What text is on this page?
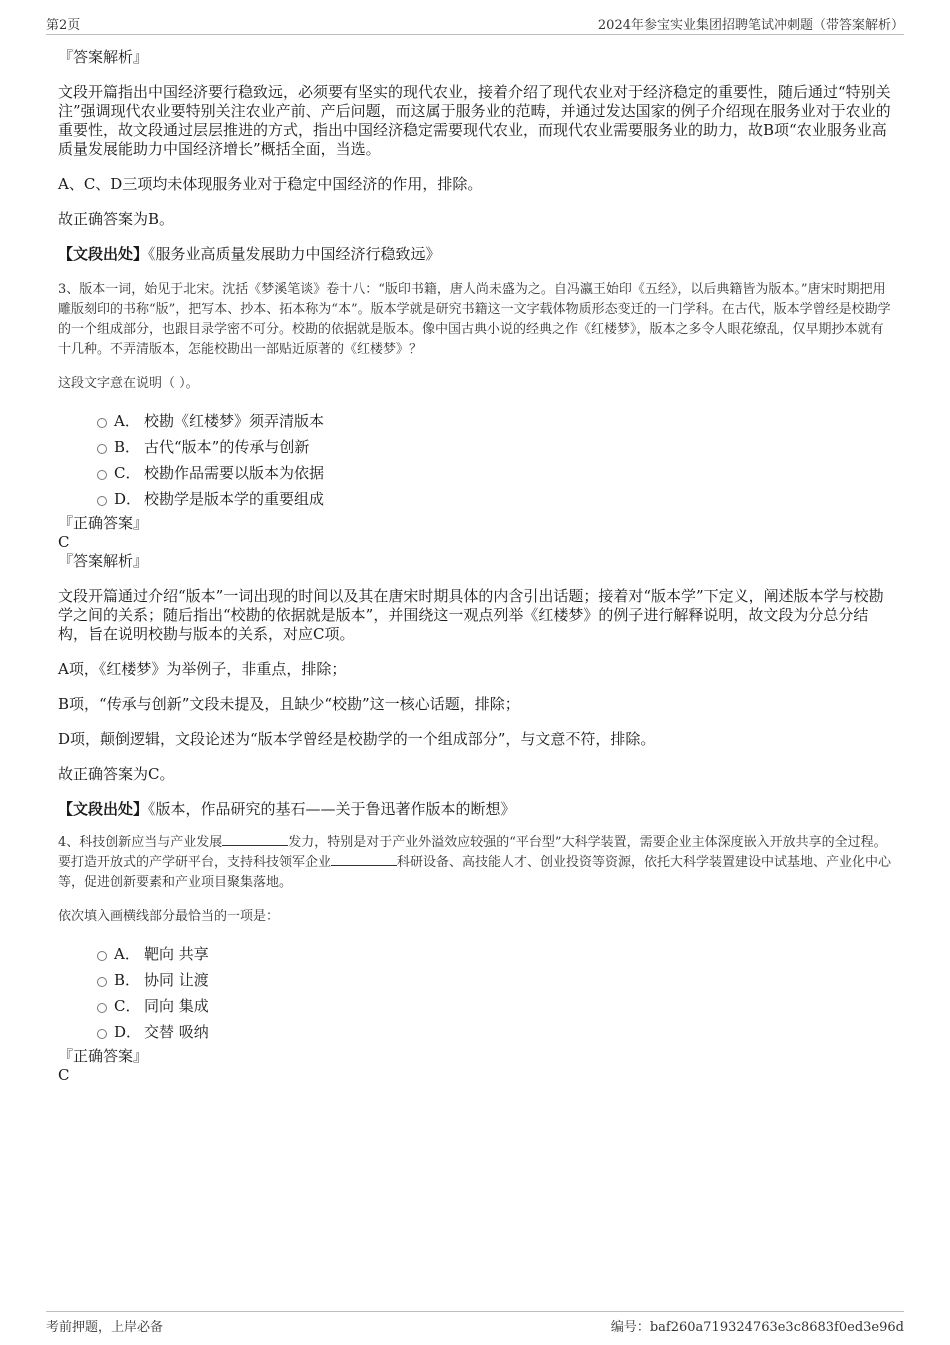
第2页	2024年参宝实业集团招聘笔试冲刺题（带答案解析）

『答案解析』

文段开篇指出中国经济要行稳致远，必须要有坚实的现代农业，接着介绍了现代农业对于经济稳定的重要性，随后通过“特别关注”强调现代农业要特别关注农业产前、产后问题，而这属于服务业的范畴，并通过发达国家的例子介绍现在服务业对于农业的重要性，故文段通过层层推进的方式，指出中国经济稳定需要现代农业，而现代农业需要服务业的助力，故B项“农业服务业高质量发展能助力中国经济增长”概括全面，当选。

A、C、D三项均未体现服务业对于稳定中国经济的作用，排除。

故正确答案为B。

【文段出处】《服务业高质量发展助力中国经济行稳致远》

3、版本一词，始见于北宋。沈括《梦溪笔谈》卷十八：“版印书籍，唐人尚未盛为之。自冯瀛王始印《五经》，以后典籍皆为版本。”唐宋时期把用雕版刻印的书称“版”，把写本、抄本、拓本称为“本”。版本学就是研究书籍这一文字载体物质形态变迁的一门学科。在古代，版本学曾经是校勘学的一个组成部分，也跟目录学密不可分。校勘的依据就是版本。像中国古典小说的经典之作《红楼梦》，版本之多令人眼花缭乱，仅早期抄本就有十几种。不弄清版本，怎能校勘出一部贴近原著的《红楼梦》？

这段文字意在说明（ ）。

A． 校勘《红楼梦》须弄清版本
B． 古代“版本”的传承与创新
C． 校勘作品需要以版本为依据
D． 校勘学是版本学的重要组成

『正确答案』

C

『答案解析』

文段开篇通过介绍“版本”一词出现的时间以及其在唐宋时期具体的内含引出话题；接着对“版本学”下定义，阐述版本学与校勘学之间的关系；随后指出“校勘的依据就是版本”，并围绕这一观点列举《红楼梦》的例子进行解释说明，故文段为分总分结构，旨在说明校勘与版本的关系，对应C项。

A项，《红楼梦》为举例子，非重点，排除；

B项，“传承与创新”文段未提及，且缺少“校勘”这一核心话题，排除；

D项，颠倒逻辑，文段论述为“版本学曾经是校勘学的一个组成部分”，与文意不符，排除。

故正确答案为C。

【文段出处】《版本，作品研究的基石——关于鲁迅著作版本的断想》

4、科技创新应当与产业发展	发力，特别是对于产业外溢效应较强的“平台型”大科学装置，需要企业主体深度嵌入开放共享的全过程。要打造开放式的产学研平台，支持科技领军企业	科研设备、高技能人才、创业投资等资源，依托大科学装置建设中试基地、产业化中心等，促进创新要素和产业项目聚集落地。

依次填入画横线部分最恰当的一项是：

A． 靶向 共享
B． 协同 让渡
C． 同向 集成
D． 交替 吸纳

『正确答案』

C

考前押题，上岸必备	编号：baf260a719324763e3c8683f0ed3e96d
